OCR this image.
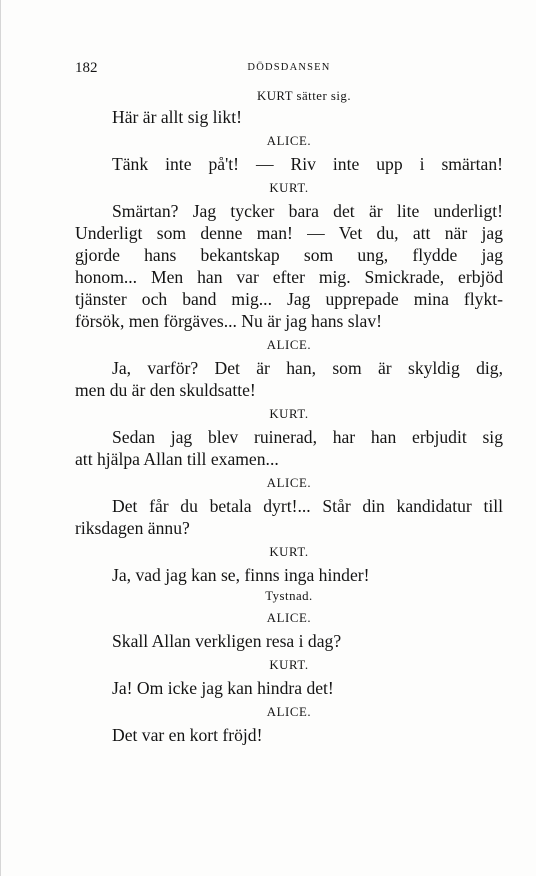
182	DÖDSDANSEN
KURT sätter sig.
Här är allt sig likt!
ALICE.
Tänk inte på't! — Riv inte upp i smärtan!
KURT.
Smärtan? Jag tycker bara det är lite underligt!
Underligt som denne man! — Vet du, att när jag
gjorde hans bekantskap som ung, flydde jag
honom... Men han var efter mig. Smickrade, erbjöd
tjänster och band mig... Jag upprepade mina flykt-
försök, men förgäves... Nu är jag hans slav!
ALICE.
Ja, varför? Det är han, som är skyldig dig,
men du är den skuldsatte!
KURT.
Sedan jag blev ruinerad, har han erbjudit sig
att hjälpa Allan till examen...
ALICE.
Det får du betala dyrt!... Står din kandidatur till
riksdagen ännu?
KURT.
Ja, vad jag kan se, finns inga hinder!
Tystnad.
ALICE.
Skall Allan verkligen resa i dag?
KURT.
Ja! Om icke jag kan hindra det!
ALICE.
Det var en kort fröjd!
